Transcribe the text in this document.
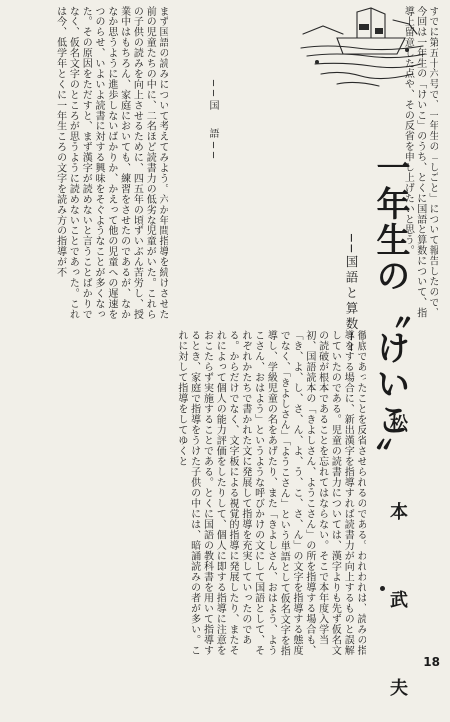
すでに第五十六号で、一年生の「しごと」について報告したので、今回は一年生の「けいこ」のうち、とくに国語と算数について、指導上留意した点や、その反省を申し上げたいと思う。
一年生の〝けいこ〟
──国語と算数──
松　本　武　夫
まず国語の読みについて考えてみよう。六か年間指導を続けさせた前の児童たちの中に、二名ほど読書力の低劣な児童がいた。これらの子供の読みを向上させるために、四五年の頃ずいぶん苦労し、授業中はもちろん、家庭においても、練習をさせたのであるが、なかなか思うように進歩しないばかりか、かえって他の児童への遅速をつのらせ、いよいよ読書に対する興味をそぐようなことが多くなった。その原因をただすと、まず漢字が読めないと言うことばかりでなく、仮名文字のところが思うように読めないことであった。これは今、低学年とくに一年生ころの文字を読み方の指導が不	──国　語──
徹底であったことを反省させられるのである。われわれは、読みの指導をする場合に、新出漢字を指導すれば読書力が向上するものと誤解していたのである。児童の読書力については、漢字よりも先ず仮名文の読破が根本であることを忘れてはならない。そこで本年度入学当初、国語読本の「きよしさん、ようこさん」の所を指導する場合も、「き、よ、し、さ、ん、よ、う、こ、さ、ん」の文字を指導する態度でなく、「きよしさん」「ようこさん」という単語として仮名文字を指導し、学級児童の名をあげたり、また「きよしさん、おはよう、ようこさん、おはよう」というような呼びかけの文にして国語として、それぞれかたちで書かれた文に発展して指導を充実していったのである。からだけでなく、文字板による視覚的指導に発展したり、またそれによって個人の能力評価をしたりして、個人に即する指導に注意をおこたらず実施することである。とくに国語の教科書を用いて指導するとき、家庭で指導をうけた子供の中には、暗誦読みの者が多い。これに対して指導をしてゆくと
18
